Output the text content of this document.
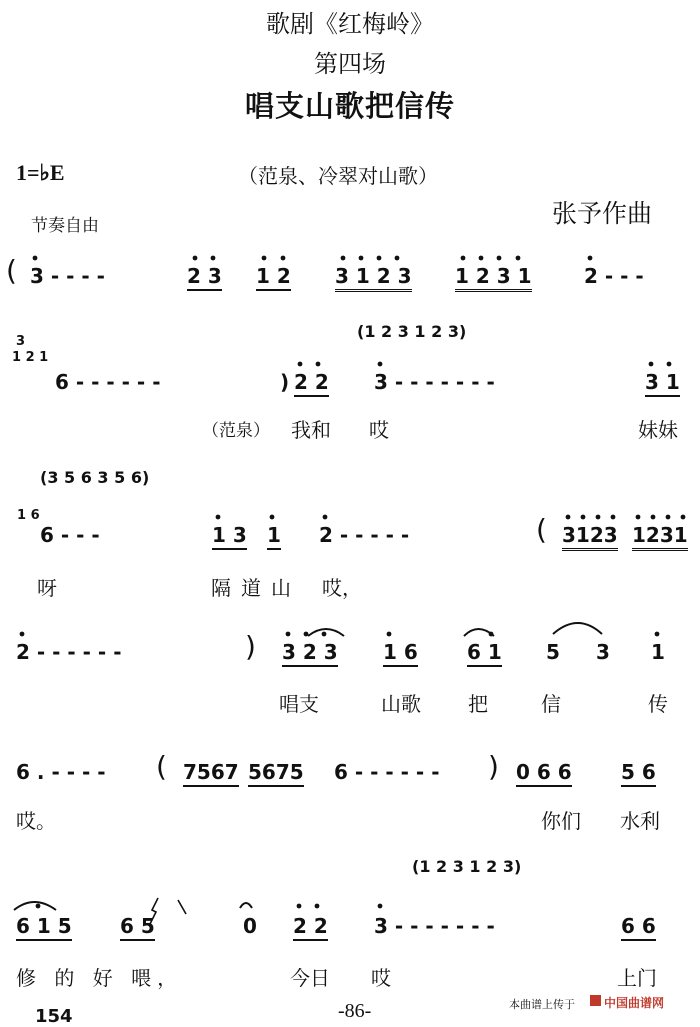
歌剧《红梅岭》
第四场
唱支山歌把信传
1=♭E	（范泉、冷翠对山歌）
张予作曲
节奏自由
( 3 - - - -	2 3 1 2 3 1 2 3 1 2 3 1	2 - - -
(1 2 3 1 2 3)
3
1 2 1
6 - - - - - -	) 2 2 3 - - - - - - -	3 1
（范泉） 我和 哎	妹妹
(3 5 6 3 5 6)
1 6
6 - - -	1 3 1 2 - - - - -	( 3123 1231
呀	隔道山 哎，
2 - - - - - -	) 3 2 3 1 6 6 1 5 3 1
唱支	山歌 把	信	传
6 . - - - - ( 7567 5675 6 - - - - - - ) 0 6 6 5 6
哎。	你们 水利
(1 2 3 1 2 3)
6 1 5 6 5	0 2 2 3 - - - - - - -	6 6
修 的 好 喂，	今日 哎	上门
154	-86-	本曲谱上传于 中国曲谱网
